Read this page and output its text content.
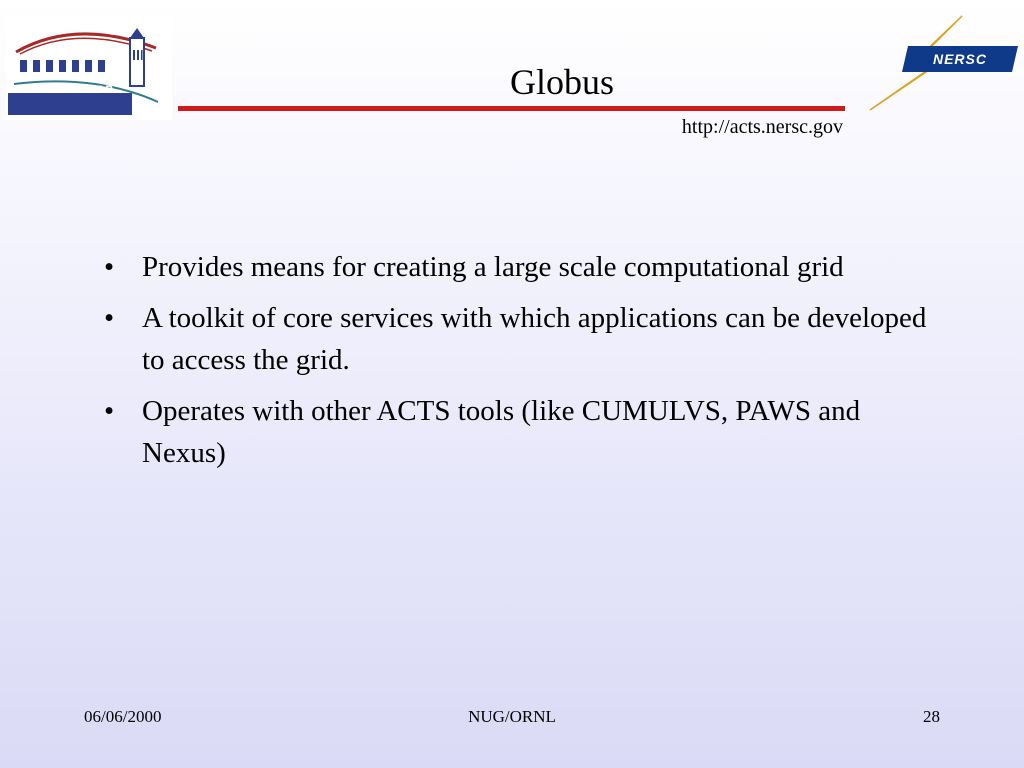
BERKELEY LAB
NERSC
Globus
http://acts.nersc.gov
• Provides means for creating a large scale computational grid
• A toolkit of core services with which applications can be developed to access the grid.
• Operates with other ACTS tools (like CUMULVS, PAWS and Nexus)
06/06/2000	NUG/ORNL	28
